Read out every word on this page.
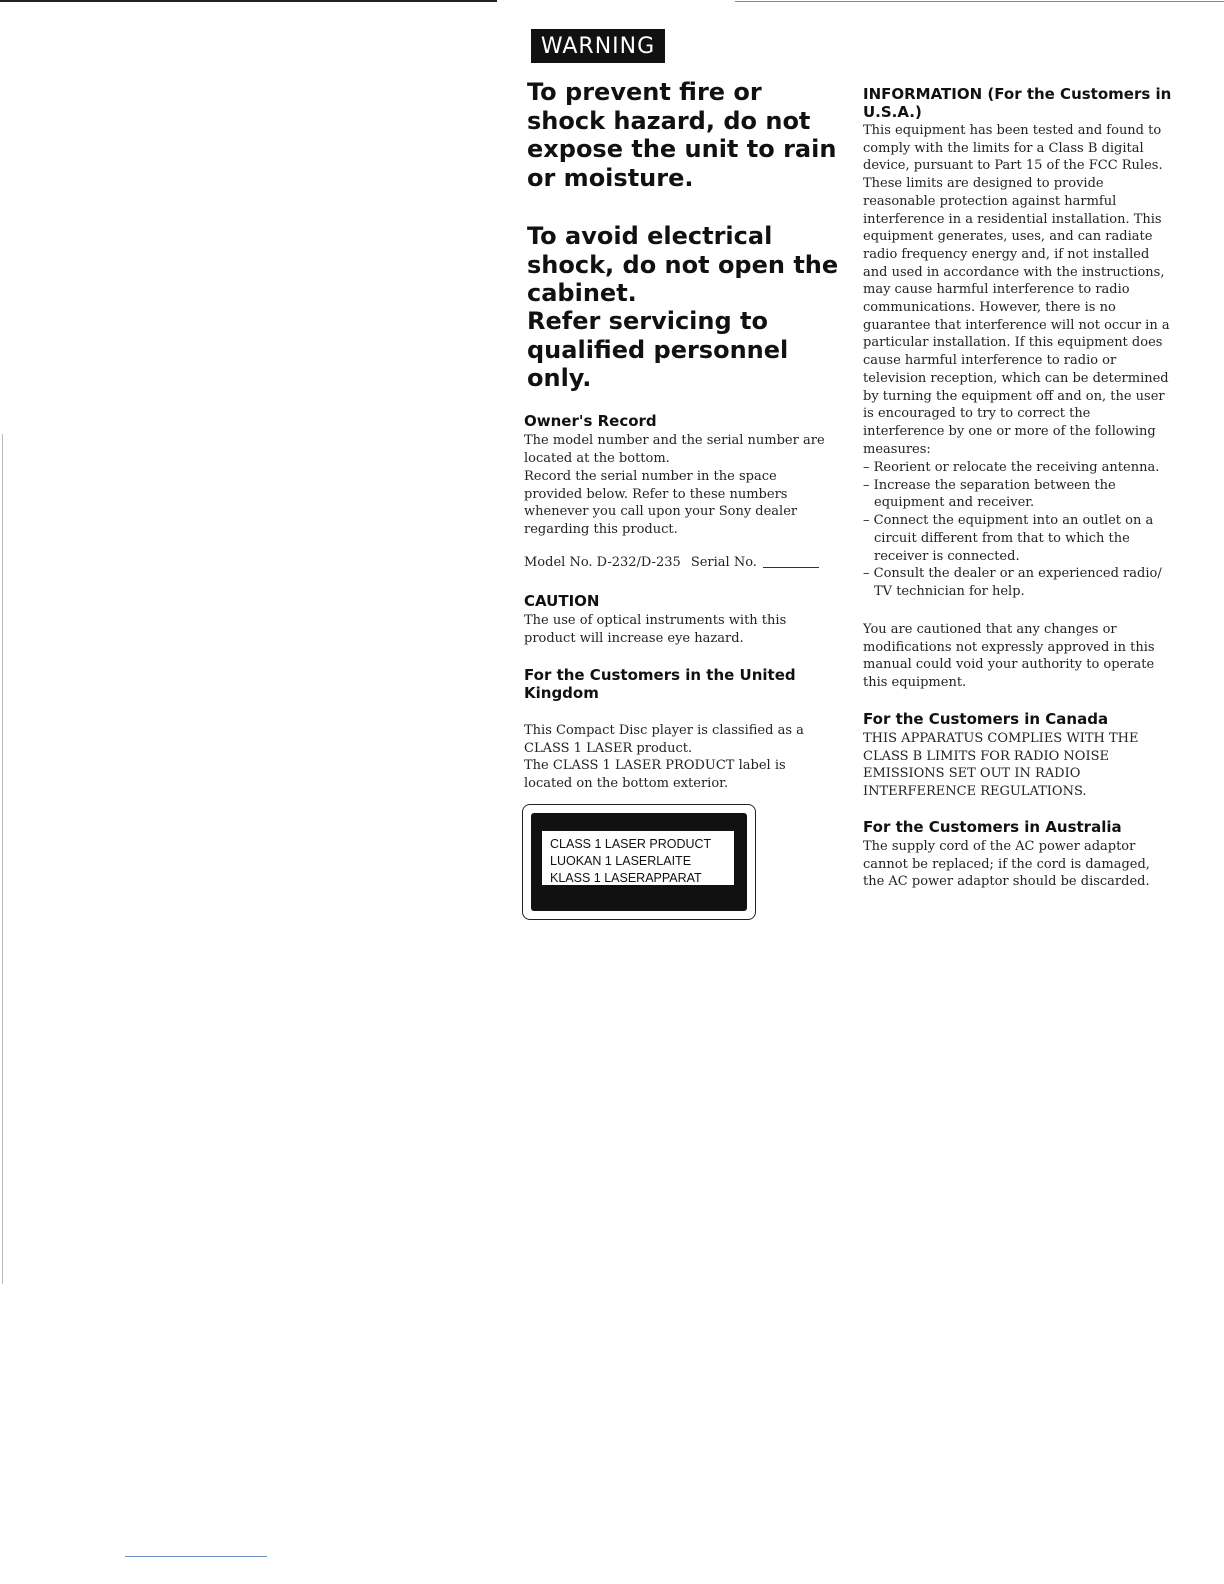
WARNING
To prevent fire or shock hazard, do not expose the unit to rain or moisture.
To avoid electrical shock, do not open the cabinet.
Refer servicing to qualified personnel only.
Owner's Record

The model number and the serial number are located at the bottom.

Record the serial number in the space provided below. Refer to these numbers whenever you call upon your Sony dealer regarding this product.

Model No. D-232/D-235 Serial No.
CAUTION

The use of optical instruments with this product will increase eye hazard.

For the Customers in the United Kingdom

This Compact Disc player is classified as a CLASS 1 LASER product.

The CLASS 1 LASER PRODUCT label is located on the bottom exterior.

CLASS 1 LASER PRODUCT
LUOKAN 1 LASERLAITE
KLASS 1 LASERAPPARAT
INFORMATION (For the Customers in U.S.A.)

This equipment has been tested and found to comply with the limits for a Class B digital device, pursuant to Part 15 of the FCC Rules. These limits are designed to provide reasonable protection against harmful interference in a residential installation. This equipment generates, uses, and can radiate radio frequency energy and, if not installed and used in accordance with the instructions, may cause harmful interference to radio communications. However, there is no guarantee that interference will not occur in a particular installation. If this equipment does cause harmful interference to radio or television reception, which can be determined by turning the equipment off and on, the user is encouraged to try to correct the interference by one or more of the following measures:

– Reorient or relocate the receiving antenna.
– Increase the separation between the equipment and receiver.
– Connect the equipment into an outlet on a circuit different from that to which the receiver is connected.
– Consult the dealer or an experienced radio/ TV technician for help.

You are cautioned that any changes or modifications not expressly approved in this manual could void your authority to operate this equipment.

For the Customers in Canada

THIS APPARATUS COMPLIES WITH THE CLASS B LIMITS FOR RADIO NOISE EMISSIONS SET OUT IN RADIO INTERFERENCE REGULATIONS.

For the Customers in Australia

The supply cord of the AC power adaptor cannot be replaced; if the cord is damaged, the AC power adaptor should be discarded.
